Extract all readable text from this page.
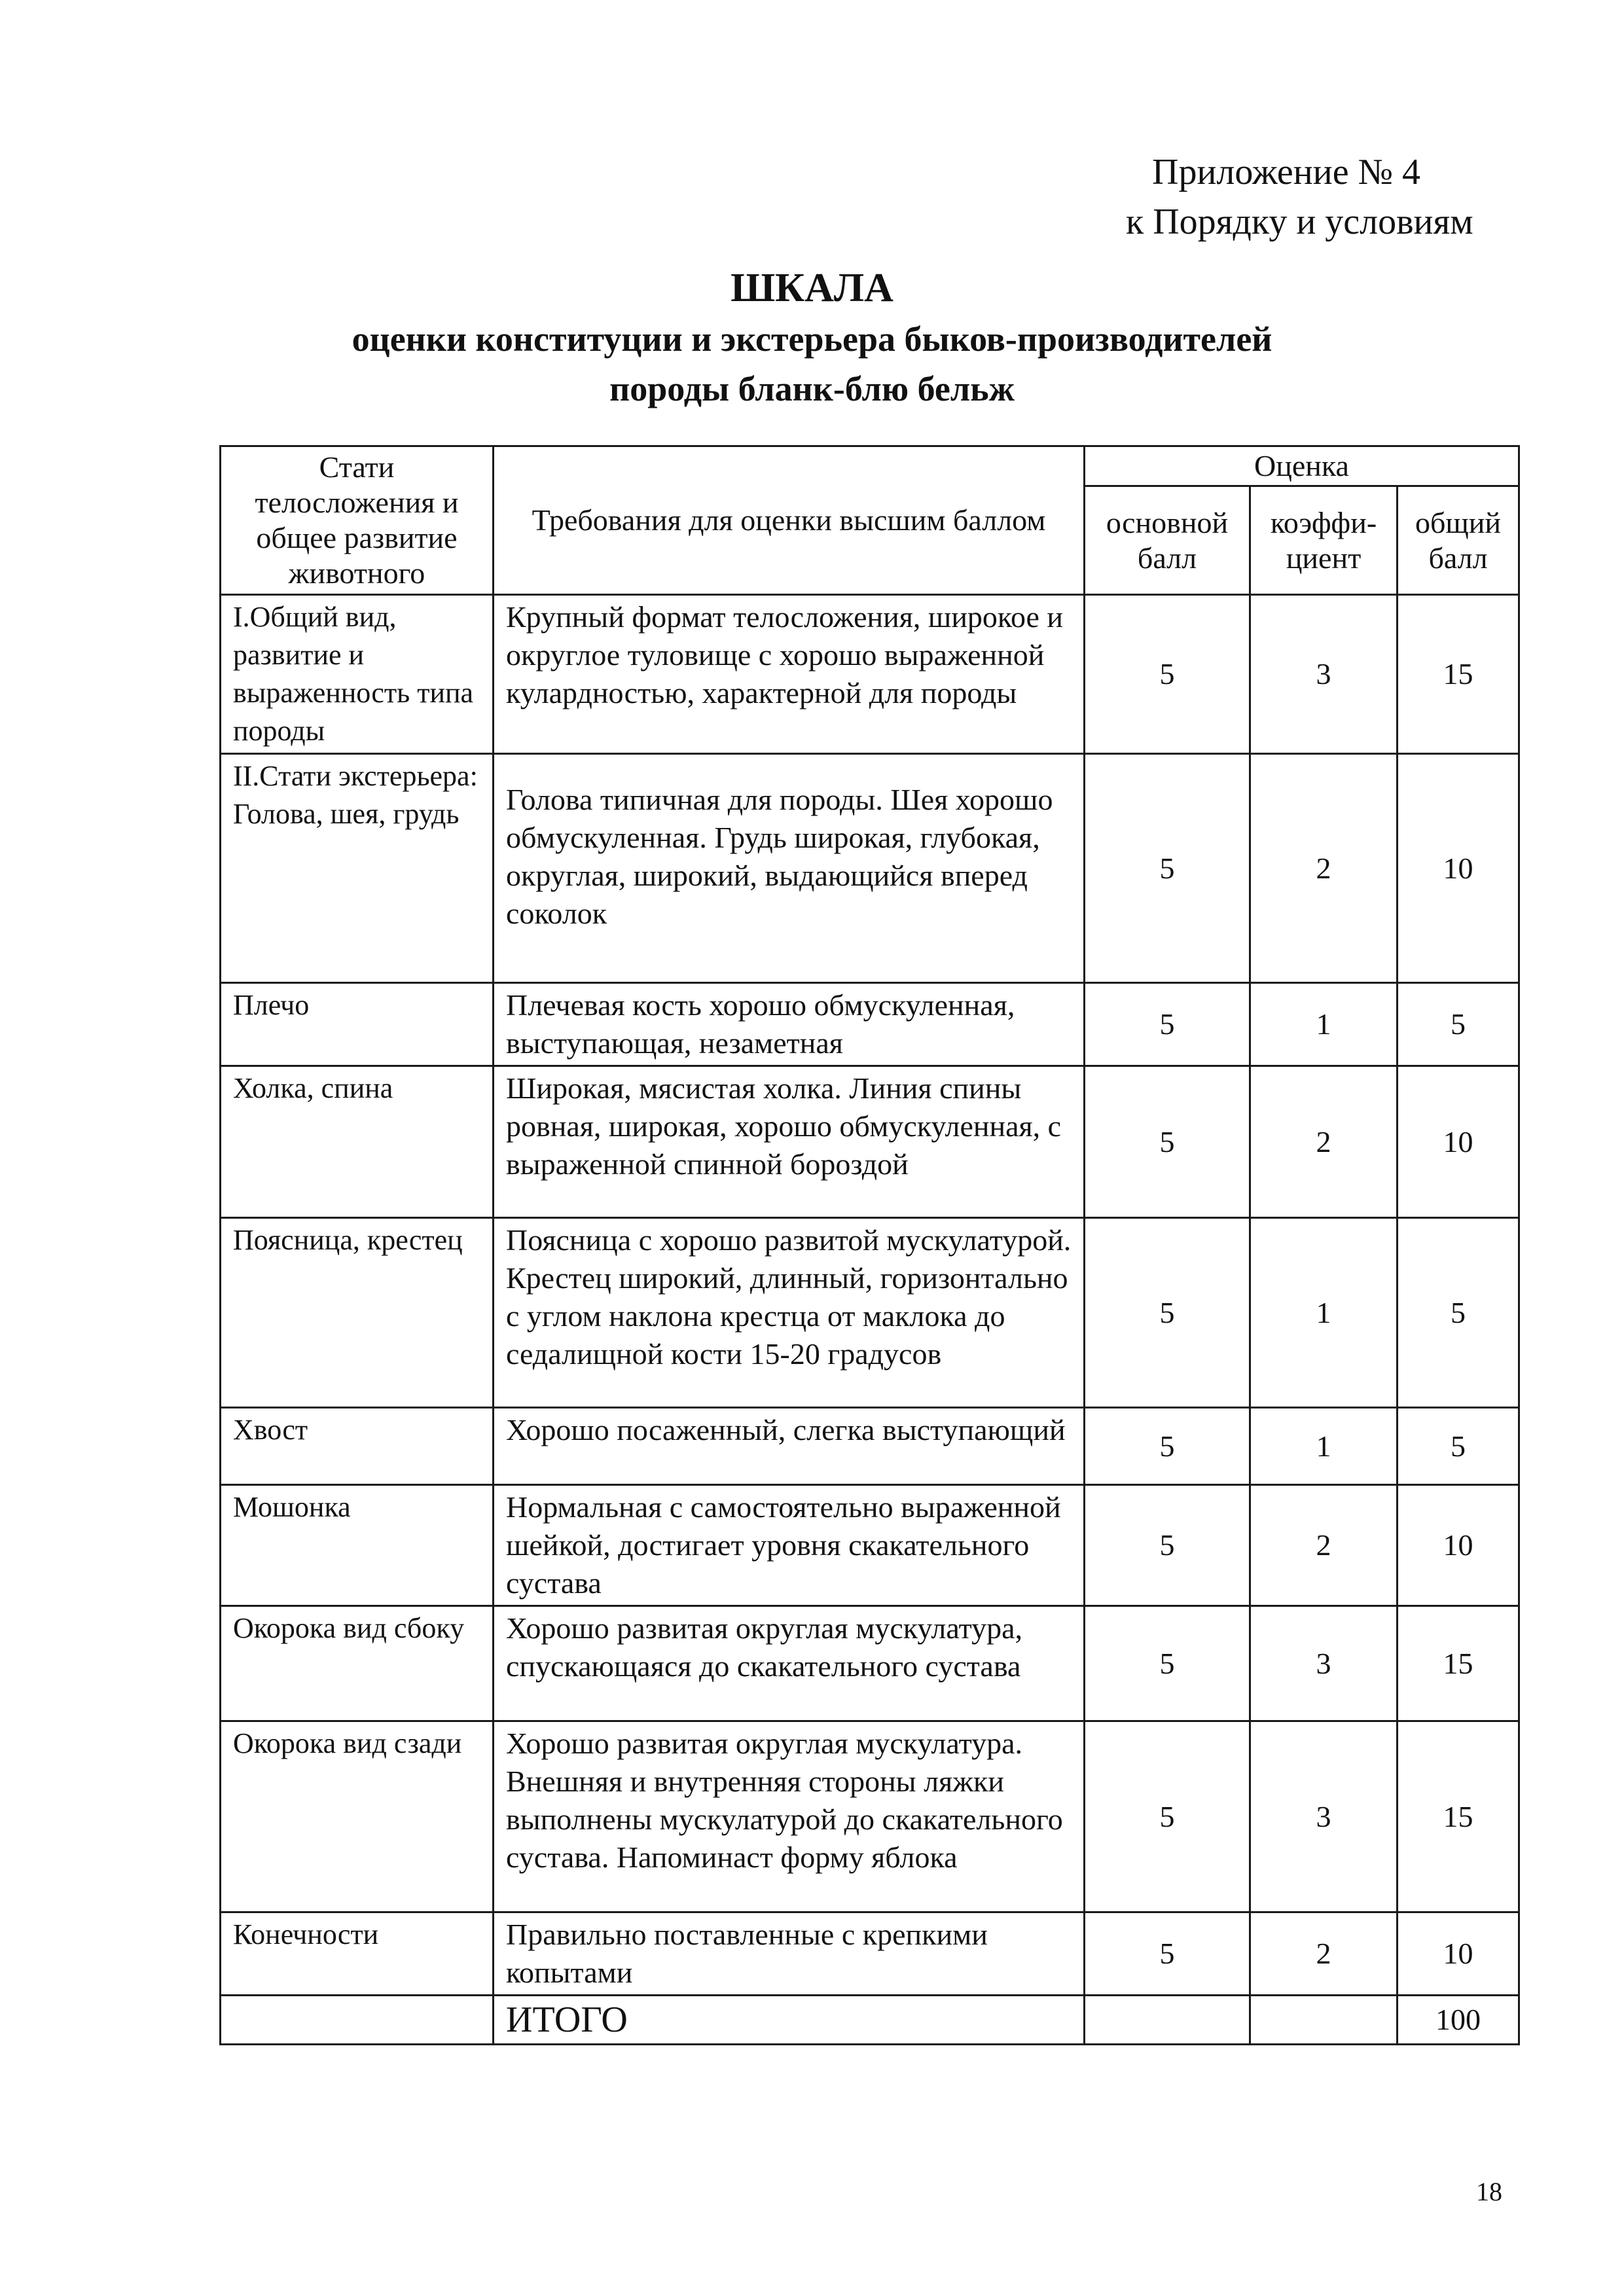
Приложение № 4
к Порядку и условиям
ШКАЛА
оценки конституции и экстерьера быков-производителей
породы бланк-блю бельж
Стати телосложения и общее развитие животного	Требования для оценки высшим баллом	Оценка		
		основной балл	коэффи-циент	общий балл
I.Общий вид, развитие и выраженность типа породы	Крупный формат телосложения, широкое и округлое туловище с хорошо выраженной кулардностью, характерной для породы	5	3	15
II.Стати экстерьера: Голова, шея, грудь	Голова типичная для породы. Шея хорошо обмускуленная. Грудь широкая, глубокая, округлая, широкий, выдающийся вперед соколок	5	2	10
Плечо	Плечевая кость хорошо обмускуленная, выступающая, незаметная	5	1	5
Холка, спина	Широкая, мясистая холка. Линия спины ровная, широкая, хорошо обмускуленная, с выраженной спинной бороздой	5	2	10
Поясница, крестец	Поясница с хорошо развитой мускулатурой. Крестец широкий, длинный, горизонтально с углом наклона крестца от маклока до седалищной кости 15-20 градусов	5	1	5
Хвост	Хорошо посаженный, слегка выступающий	5	1	5
Мошонка	Нормальная с самостоятельно выраженной шейкой, достигает уровня скакательного сустава	5	2	10
Окорока вид сбоку	Хорошо развитая округлая мускулатура, спускающаяся до скакательного сустава	5	3	15
Окорока вид сзади	Хорошо развитая округлая мускулатура. Внешняя и внутренняя стороны ляжки выполнены мускулатурой до скакательного сустава. Напоминаст форму яблока	5	3	15
Конечности	Правильно поставленные с крепкими копытами	5	2	10
	ИТОГО			100
18
